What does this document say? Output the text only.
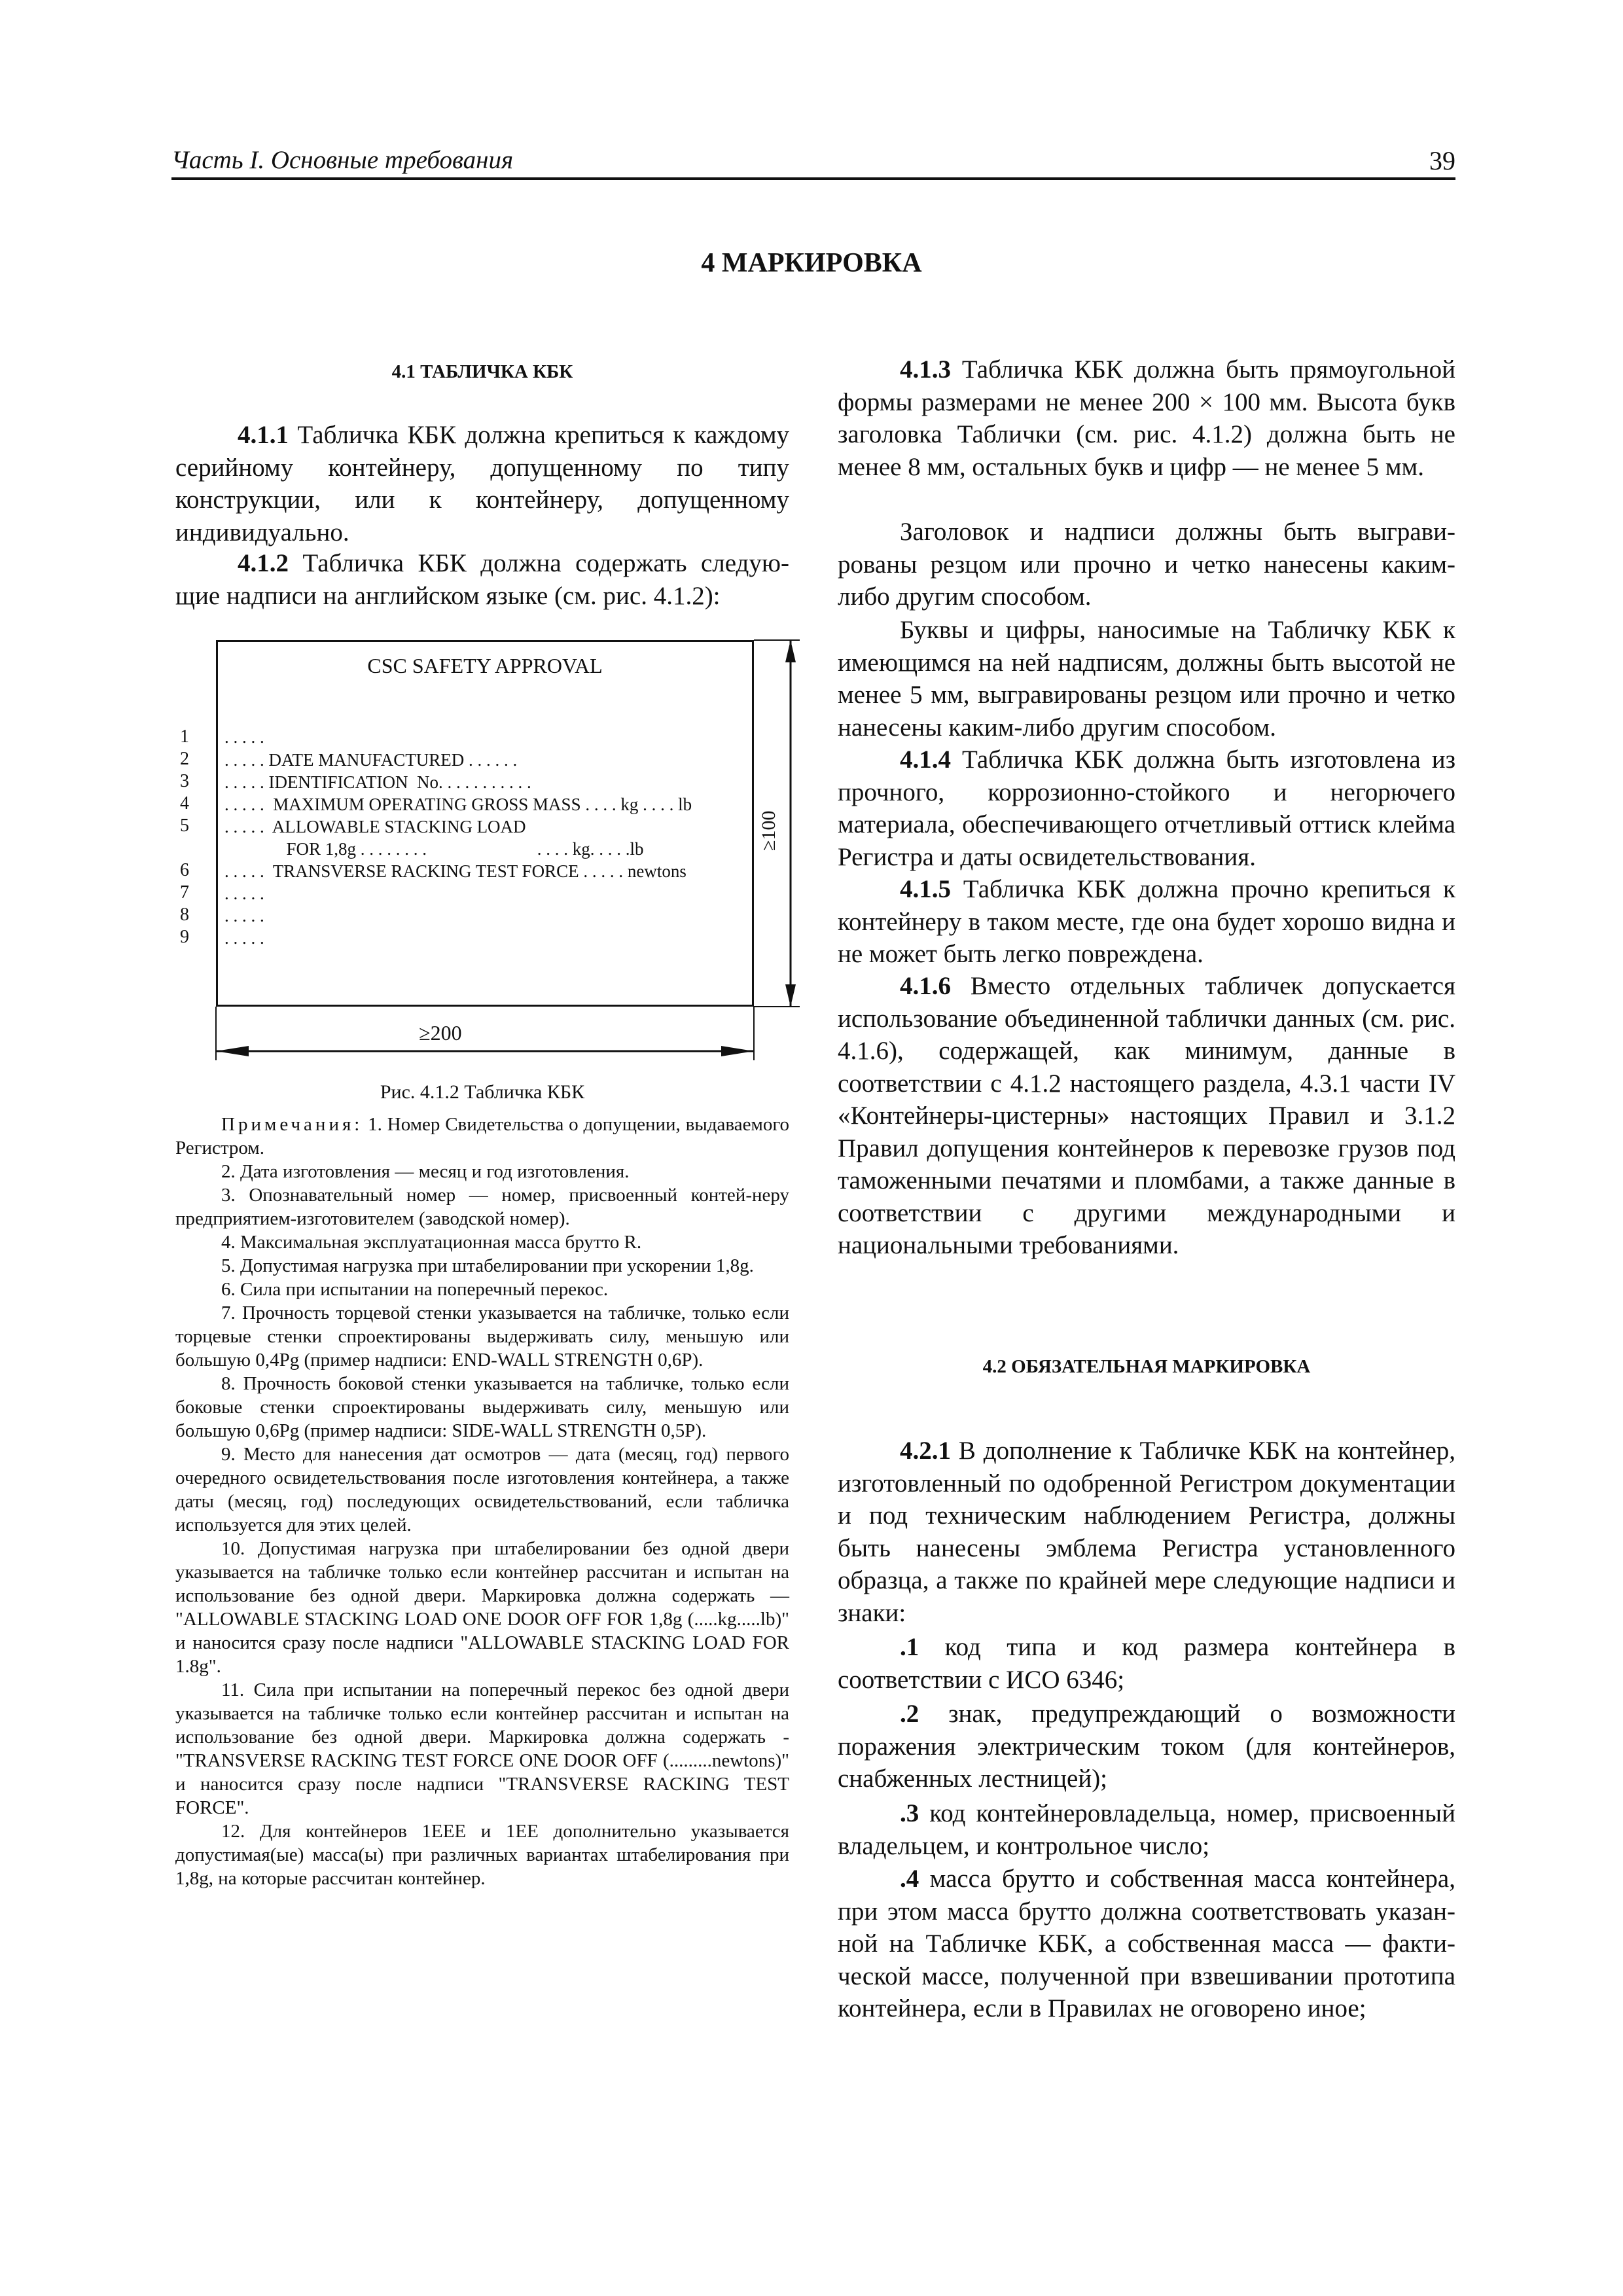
Часть I. Основные требования	39
4 МАРКИРОВКА
4.1 ТАБЛИЧКА КБК

4.1.1 Табличка КБК должна крепиться к каждому серийному контейнеру, допущенному по типу конструкции, или к контейнеру, допущенному индивидуально.

4.1.2 Табличка КБК должна содержать следую-щие надписи на английском языке (см. рис. 4.1.2):

CSC SAFETY APPROVAL
. . . . .
. . . . . DATE MANUFACTURED . . . . . .
. . . . . IDENTIFICATION  No. . . . . . . . . . .
. . . . .  MAXIMUM OPERATING GROSS MASS . . . . kg . . . . lb
. . . . .  ALLOWABLE STACKING LOAD
FOR 1,8g . . . . . . . .                         . . . . kg. . . . .lb
. . . . .  TRANSVERSE RACKING TEST FORCE . . . . . newtons
. . . . .
. . . . .
. . . . .
1
2
3
4
5
6
7
8
9
≥100
≥200
Рис. 4.1.2 Табличка КБК

Примечания: 1. Номер Свидетельства о допущении, выдаваемого Регистром.

2. Дата изготовления — месяц и год изготовления.

3. Опознавательный номер — номер, присвоенный контей-неру предприятием-изготовителем (заводской номер).

4. Максимальная эксплуатационная масса брутто R.

5. Допустимая нагрузка при штабелировании при ускорении 1,8g.

6. Сила при испытании на поперечный перекос.

7. Прочность торцевой стенки указывается на табличке, только если торцевые стенки спроектированы выдерживать силу, меньшую или большую 0,4Pg (пример надписи: END-WALL STRENGTH 0,6P).

8. Прочность боковой стенки указывается на табличке, только если боковые стенки спроектированы выдерживать силу, меньшую или большую 0,6Pg (пример надписи: SIDE-WALL STRENGTH 0,5P).

9. Место для нанесения дат осмотров — дата (месяц, год) первого очередного освидетельствования после изготовления контейнера, а также даты (месяц, год) последующих освидетельствований, если табличка используется для этих целей.

10. Допустимая нагрузка при штабелировании без одной двери указывается на табличке только если контейнер рассчитан и испытан на использование без одной двери. Маркировка должна содержать — "ALLOWABLE STACKING LOAD ONE DOOR OFF FOR 1,8g (.....kg.....lb)" и наносится сразу после надписи "ALLOWABLE STACKING LOAD FOR 1.8g".

11. Сила при испытании на поперечный перекос без одной двери указывается на табличке только если контейнер рассчитан и испытан на использование без одной двери. Маркировка должна содержать - "TRANSVERSE RACKING TEST FORCE ONE DOOR OFF (.........newtons)" и наносится сразу после надписи "TRANSVERSE RACKING TEST FORCE".

12. Для контейнеров 1EEE и 1EE дополнительно указывается допустимая(ые) масса(ы) при различных вариантах штабелирования при 1,8g, на которые рассчитан контейнер.

4.1.3 Табличка КБК должна быть прямоугольной формы размерами не менее 200 × 100 мм. Высота букв заголовка Таблички (см. рис. 4.1.2) должна быть не менее 8 мм, остальных букв и цифр — не менее 5 мм.

Заголовок и надписи должны быть выграви-рованы резцом или прочно и четко нанесены каким-либо другим способом.

Буквы и цифры, наносимые на Табличку КБК к имеющимся на ней надписям, должны быть высотой не менее 5 мм, выгравированы резцом или прочно и четко нанесены каким-либо другим способом.

4.1.4 Табличка КБК должна быть изготовлена из прочного, коррозионно-стойкого и негорючего материала, обеспечивающего отчетливый оттиск клейма Регистра и даты освидетельствования.

4.1.5 Табличка КБК должна прочно крепиться к контейнеру в таком месте, где она будет хорошо видна и не может быть легко повреждена.

4.1.6 Вместо отдельных табличек допускается использование объединенной таблички данных (см. рис. 4.1.6), содержащей, как минимум, данные в соответствии с 4.1.2 настоящего раздела, 4.3.1 части IV «Контейнеры-цистерны» настоящих Правил и 3.1.2 Правил допущения контейнеров к перевозке грузов под таможенными печатями и пломбами, а также данные в соответствии с другими международными и национальными требованиями.

4.2 ОБЯЗАТЕЛЬНАЯ МАРКИРОВКА

4.2.1 В дополнение к Табличке КБК на контейнер, изготовленный по одобренной Регистром документации и под техническим наблюдением Регистра, должны быть нанесены эмблема Регистра установленного образца, а также по крайней мере следующие надписи и знаки:

.1 код типа и код размера контейнера в соответствии с ИСО 6346;

.2 знак, предупреждающий о возможности поражения электрическим током (для контейнеров, снабженных лестницей);

.3 код контейнеровладельца, номер, присвоенный владельцем, и контрольное число;

.4 масса брутто и собственная масса контейнера, при этом масса брутто должна соответствовать указан-ной на Табличке КБК, а собственная масса — факти-ческой массе, полученной при взвешивании прототипа контейнера, если в Правилах не оговорено иное;
